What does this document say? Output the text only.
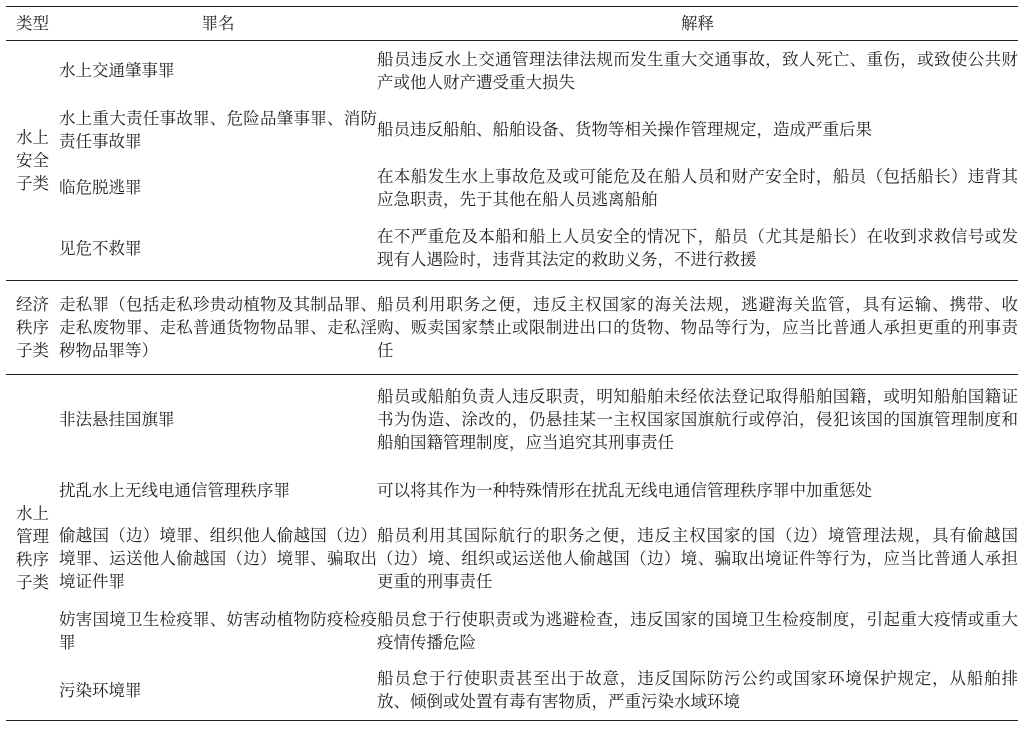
类型	罪名	解释
水上安全子类	水上交通肇事罪	船员违反水上交通管理法律法规而发生重大交通事故，致人死亡、重伤，或致使公共财产或他人财产遭受重大损失
	水上重大责任事故罪、危险品肇事罪、消防责任事故罪	船员违反船舶、船舶设备、货物等相关操作管理规定，造成严重后果
	临危脱逃罪	在本船发生水上事故危及或可能危及在船人员和财产安全时，船员（包括船长）违背其应急职责，先于其他在船人员逃离船舶
	见危不救罪	在不严重危及本船和船上人员安全的情况下，船员（尤其是船长）在收到求救信号或发现有人遇险时，违背其法定的救助义务，不进行救援
经济秩序子类	走私罪（包括走私珍贵动植物及其制品罪、走私废物罪、走私普通货物物品罪、走私淫秽物品罪等）	船员利用职务之便，违反主权国家的海关法规，逃避海关监管，具有运输、携带、收购、贩卖国家禁止或限制进出口的货物、物品等行为，应当比普通人承担更重的刑事责任
水上管理秩序子类	非法悬挂国旗罪	船员或船舶负责人违反职责，明知船舶未经依法登记取得船舶国籍，或明知船舶国籍证书为伪造、涂改的，仍悬挂某一主权国家国旗航行或停泊，侵犯该国的国旗管理制度和船舶国籍管理制度，应当追究其刑事责任
	扰乱水上无线电通信管理秩序罪	可以将其作为一种特殊情形在扰乱无线电通信管理秩序罪中加重惩处
	偷越国（边）境罪、组织他人偷越国（边）境罪、运送他人偷越国（边）境罪、骗取出境证件罪	船员利用其国际航行的职务之便，违反主权国家的国（边）境管理法规，具有偷越国（边）境、组织或运送他人偷越国（边）境、骗取出境证件等行为，应当比普通人承担更重的刑事责任
	妨害国境卫生检疫罪、妨害动植物防疫检疫罪	船员怠于行使职责或为逃避检查，违反国家的国境卫生检疫制度，引起重大疫情或重大疫情传播危险
	污染环境罪	船员怠于行使职责甚至出于故意，违反国际防污公约或国家环境保护规定，从船舶排放、倾倒或处置有毒有害物质，严重污染水域环境
